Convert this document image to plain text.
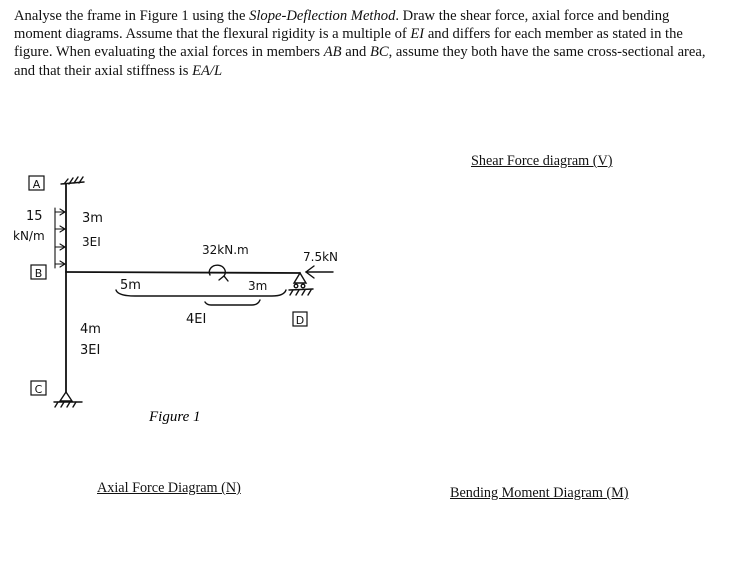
Analyse the frame in Figure 1 using the Slope-Deflection Method. Draw the shear force, axial force and bending moment diagrams. Assume that the flexural rigidity is a multiple of EI and differs for each member as stated in the figure. When evaluating the axial forces in members AB and BC, assume they both have the same cross-sectional area, and that their axial stiffness is EA/L

Shear Force diagram (V)
Axial Force Diagram (N)	Bending Moment Diagram (M)
A
B
C
D
15
kN/m
3m
3EI
4m
3EI
32kN.m	7.5kN
5m	3m
4EI
Figure 1
